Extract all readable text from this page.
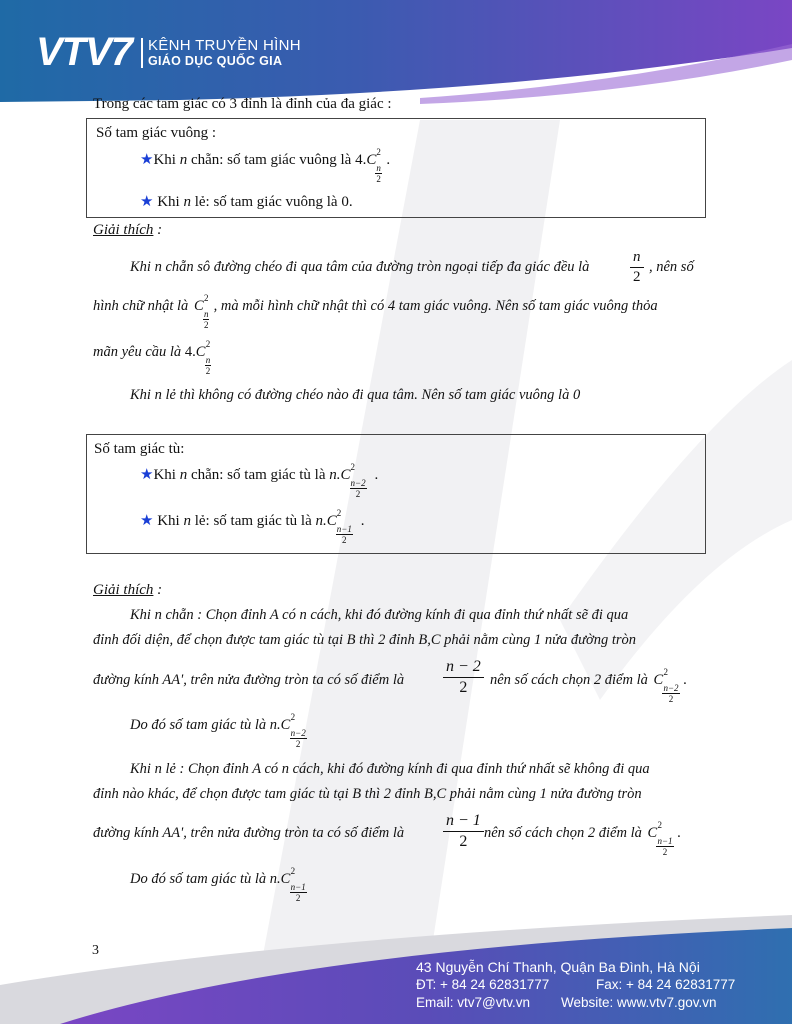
VTV7 KÊNH TRUYỀN HÌNH
GIÁO DỤC QUỐC GIA
Trong các tam giác có 3 đỉnh là đỉnh của đa giác :
Số tam giác vuông :
★Khi n chẵn: số tam giác vuông là 4.C 2
$\frac{n}{2}$
.
★ Khi n lẻ: số tam giác vuông là 0.
Giải thích :
Khi n chẵn sô đường chéo đi qua tâm của đường tròn ngoại tiếp đa giác đều là	$\frac{n}{2}$ , nên số
hình chữ nhật là C 2
$\frac{n}{2}$
, mà mỗi hình chữ nhật thì có 4 tam giác vuông. Nên số tam giác vuông thỏa
mãn yêu cầu là 4.C 2
$\frac{n}{2}$
Khi n lẻ thì không có đường chéo nào đi qua tâm. Nên số tam giác vuông là 0
Số tam giác tù:
★Khi n chẵn: số tam giác tù là n.C 2
$\frac{n-2}{2}$
.
★ Khi n lẻ: số tam giác tù là n.C 2
$\frac{n-1}{2}$
.
Giải thích :
Khi n chẵn : Chọn đỉnh A có n cách, khi đó đường kính đi qua đỉnh thứ nhất sẽ đi qua
đỉnh đối diện, để chọn được tam giác tù tại B thì 2 đỉnh B,C phải nằm cùng 1 nửa đường tròn
đường kính AA', trên nửa đường tròn ta có số điểm là $\frac{n - 2}{2}$ nên số cách chọn 2 điểm là C 2
$\frac{n-2}{2}$
.
Do đó số tam giác tù là n.C 2
$\frac{n-2}{2}$
Khi n lẻ : Chọn đỉnh A có n cách, khi đó đường kính đi qua đỉnh thứ nhất sẽ không đi qua
đỉnh nào khác, để chọn được tam giác tù tại B thì 2 đỉnh B,C phải nằm cùng 1 nửa đường tròn
đường kính AA', trên nửa đường tròn ta có số điểm là $\frac{n - 1}{2}$ nên số cách chọn 2 điểm là C 2
$\frac{n-1}{2}$
.
Do đó số tam giác tù là n.C 2
$\frac{n-1}{2}$
3
43 Nguyễn Chí Thanh, Quận Ba Đình, Hà Nội
ĐT: + 84 24 62831777	Fax: + 84 24 62831777
Email: vtv7@vtv.vn Website: www.vtv7.gov.vn
